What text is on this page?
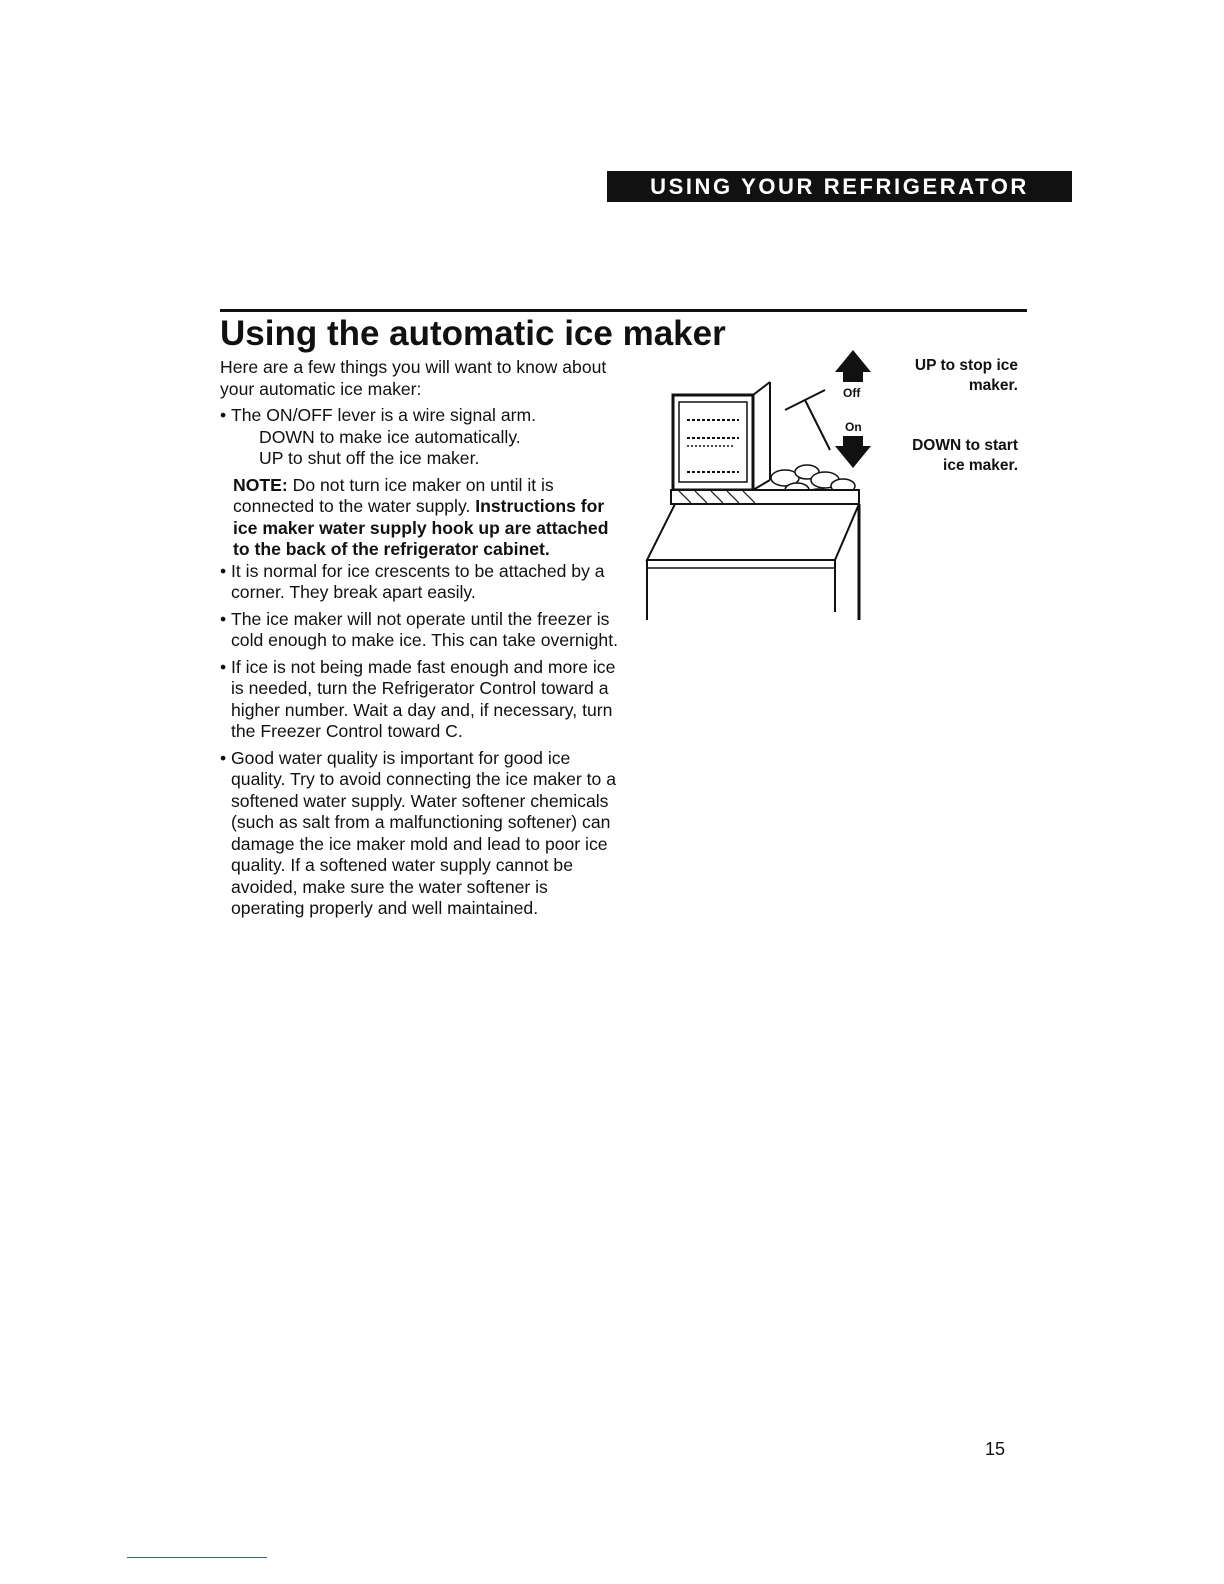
USING YOUR REFRIGERATOR
Using the automatic ice maker

Here are a few things you will want to know about your automatic ice maker:

• The ON/OFF lever is a wire signal arm.

DOWN to make ice automatically.

UP to shut off the ice maker.

NOTE: Do not turn ice maker on until it is connected to the water supply. Instructions for ice maker water supply hook up are attached to the back of the refrigerator cabinet.

• It is normal for ice crescents to be attached by a corner. They break apart easily.

• The ice maker will not operate until the freezer is cold enough to make ice. This can take overnight.

• If ice is not being made fast enough and more ice is needed, turn the Refrigerator Control toward a higher number. Wait a day and, if necessary, turn the Freezer Control toward C.

• Good water quality is important for good ice quality. Try to avoid connecting the ice maker to a softened water supply. Water softener chemicals (such as salt from a malfunctioning softener) can damage the ice maker mold and lead to poor ice quality. If a softened water supply cannot be avoided, make sure the water softener is operating properly and well maintained.

Off
On
UP to stop ice maker.
DOWN to start ice maker.
15
